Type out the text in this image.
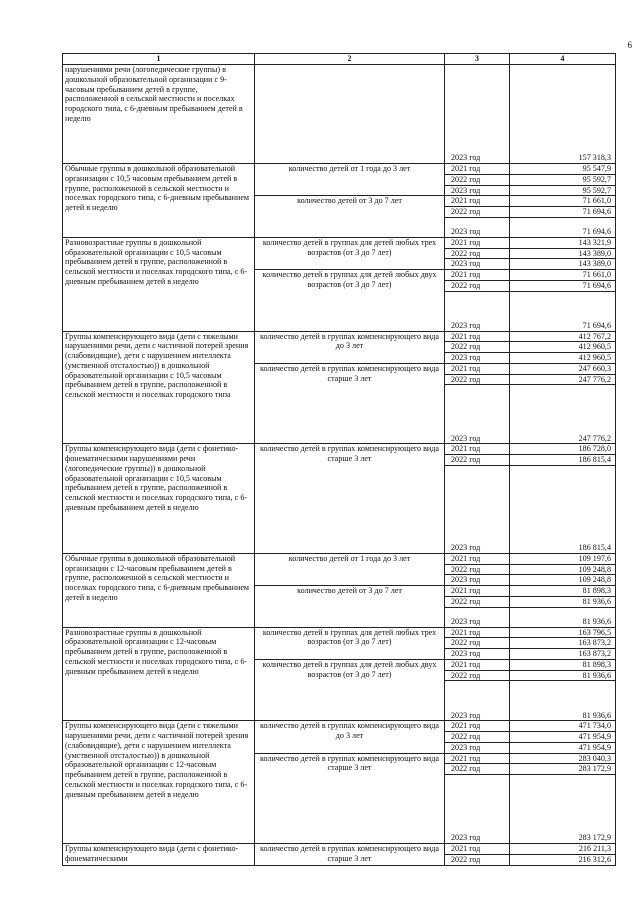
6
1	2	3	4
нарушениями речи (логопедические группы) в дошкольной образовательной организации с 9-часовым пребыванием детей в группе, расположенной в сельской местности и поселках городского типа, с 6-дневным пребыванием детей в неделю		2023 год	157 318,3
Обычные группы в дошкольной образовательной организации с 10,5 часовым пребыванием детей в группе, расположенной в сельской местности и поселках городского типа, с 6-дневным пребыванием детей в неделю	количество детей от 1 года до 3 лет	2021 год	95 547,9
		2022 год	95 592,7
		2023 год	95 592,7
	количество детей от 3 до 7 лет	2021 год	71 661,0
		2022 год	71 694,6
		2023 год	71 694,6
Разновозрастные группы в дошкольной образовательной организации с 10,5 часовым пребыванием детей в группе, расположенной в сельской местности и поселках городского типа, с 6-дневным пребыванием детей в неделю	количество детей в группах для детей любых трех возрастов (от 3 до 7 лет)	2021 год	143 321,9
		2022 год	143 389,0
		2023 год	143 389,0
	количество детей в группах для детей любых двух возрастов (от 3 до 7 лет)	2021 год	71 661,0
		2022 год	71 694,6
		2023 год	71 694,6
Группы компенсирующего вида (дети с тяжелыми нарушениями речи, дети с частичной потерей зрения (слабовидящие), дети с нарушением интеллекта (умственной отсталостью)) в дошкольной образовательной организации с 10,5 часовым пребыванием детей в группе, расположенной в сельской местности и поселках городского типа	количество детей в группах компенсирующего вида до 3 лет	2021 год	412 767,2
		2022 год	412 960,5
		2023 год	412 960,5
	количество детей в группах компенсирующего вида старше 3 лет	2021 год	247 660,3
		2022 год	247 776,2
		2023 год	247 776,2
Группы компенсирующего вида (дети с фонетико-фонематическими нарушениями речи (логопедические группы)) в дошкольной образовательной организации с 10,5 часовым пребыванием детей в группе, расположенной в сельской местности и поселках городского типа, с 6-дневным пребыванием детей в неделю	количество детей в группах компенсирующего вида старше 3 лет	2021 год	186 728,0
		2022 год	186 815,4
		2023 год	186 815,4
Обычные группы в дошкольной образовательной организации с 12-часовым пребыванием детей в группе, расположенной в сельской местности и поселках городского типа, с 6-дневным пребыванием детей в неделю	количество детей от 1 года до 3 лет	2021 год	109 197,6
		2022 год	109 248,8
		2023 год	109 248,8
	количество детей от 3 до 7 лет	2021 год	81 898,3
		2022 год	81 936,6
		2023 год	81 936,6
Разновозрастные группы в дошкольной образовательной организации с 12-часовым пребыванием детей в группе, расположенной в сельской местности и поселках городского типа, с 6-дневным пребыванием детей в неделю	количество детей в группах для детей любых трех возрастов (от 3 до 7 лет)	2021 год	163 796,5
		2022 год	163 873,2
		2023 год	163 873,2
	количество детей в группах для детей любых двух возрастов (от 3 до 7 лет)	2021 год	81 898,3
		2022 год	81 936,6
		2023 год	81 936,6
Группы компенсирующего вида (дети с тяжелыми нарушениями речи, дети с частичной потерей зрения (слабовидящие), дети с нарушением интеллекта (умственной отсталостью)) в дошкольной образовательной организации с 12-часовым пребыванием детей в группе, расположенной в сельской местности и поселках городского типа, с 6-дневным пребыванием детей в неделю	количество детей в группах компенсирующего вида до 3 лет	2021 год	471 734,0
		2022 год	471 954,9
		2023 год	471 954,9
	количество детей в группах компенсирующего вида старше 3 лет	2021 год	283 040,3
		2022 год	283 172,9
		2023 год	283 172,9
Группы компенсирующего вида (дети с фонетико-фонематическими	количество детей в группах компенсирующего вида старше 3 лет	2021 год	216 211,3
		2022 год	216 312,6
